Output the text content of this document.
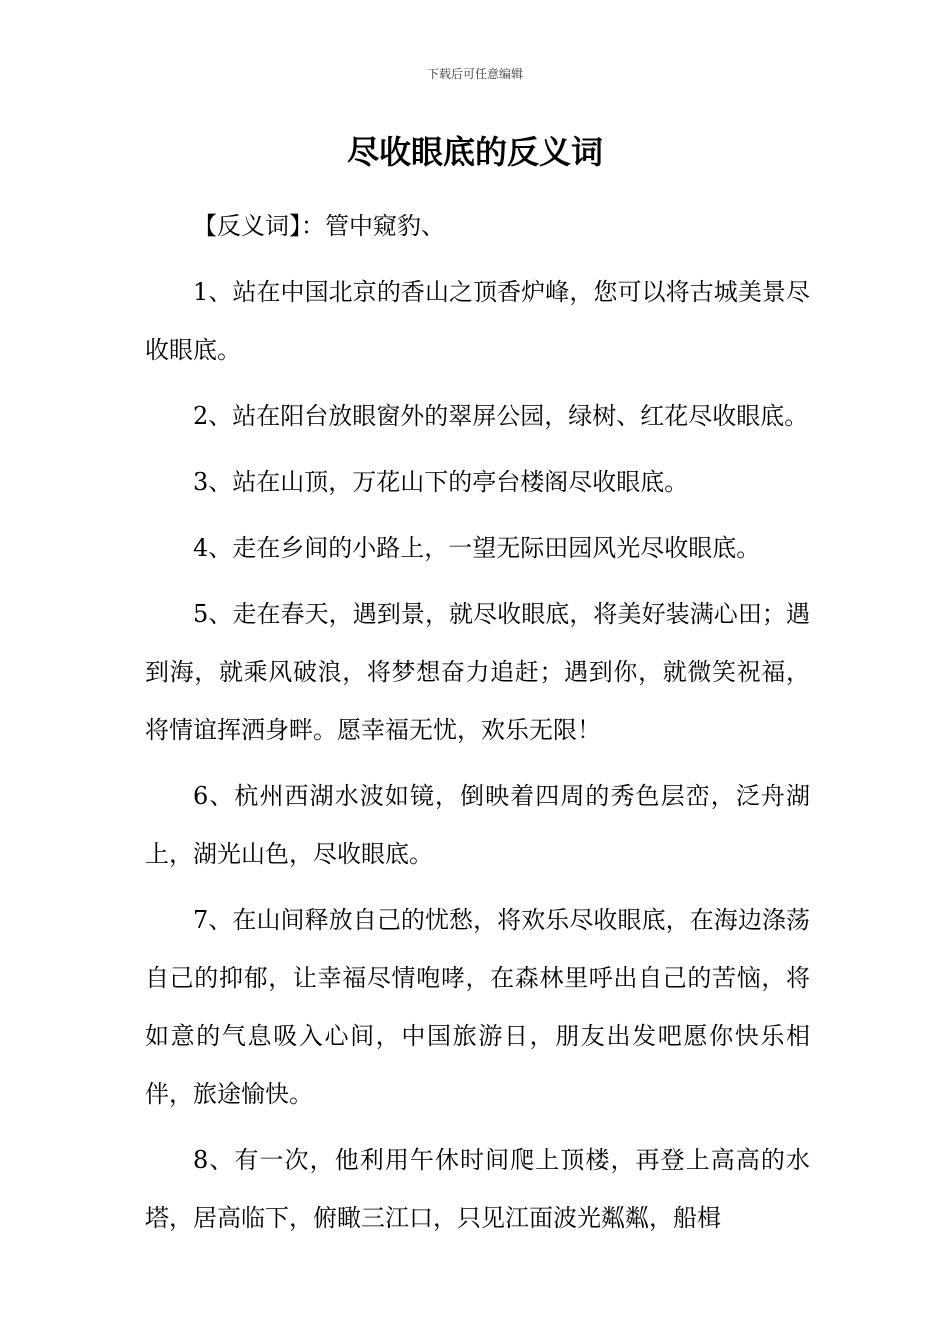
下载后可任意编辑
尽收眼底的反义词

【反义词】：管中窥豹、

1、站在中国北京的香山之顶香炉峰，您可以将古城美景尽收眼底。

2、站在阳台放眼窗外的翠屏公园，绿树、红花尽收眼底。

3、站在山顶，万花山下的亭台楼阁尽收眼底。

4、走在乡间的小路上，一望无际田园风光尽收眼底。

5、走在春天，遇到景，就尽收眼底，将美好装满心田；遇到海，就乘风破浪，将梦想奋力追赶；遇到你，就微笑祝福，将情谊挥洒身畔。愿幸福无忧，欢乐无限！

6、杭州西湖水波如镜，倒映着四周的秀色层峦，泛舟湖上，湖光山色，尽收眼底。

7、在山间释放自己的忧愁，将欢乐尽收眼底，在海边涤荡自己的抑郁，让幸福尽情咆哮，在森林里呼出自己的苦恼，将如意的气息吸入心间，中国旅游日，朋友出发吧愿你快乐相伴，旅途愉快。

8、有一次，他利用午休时间爬上顶楼，再登上高高的水塔，居高临下，俯瞰三江口，只见江面波光粼粼，船楫
